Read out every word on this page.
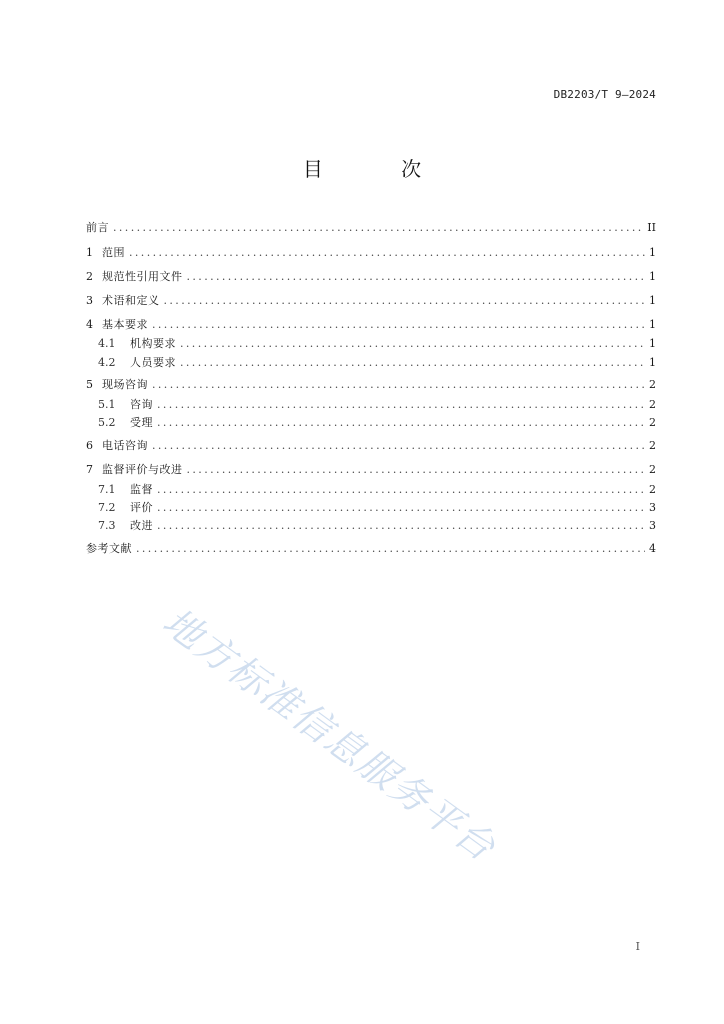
DB2203/T 9—2024
目 次
前言 .....	II
1 范围 .....	1
2 规范性引用文件 .....	1
3 术语和定义 .....	1
4 基本要求 .....	1
4.1	机构要求 .....	1
4.2	人员要求 .....	1
5 现场咨询 .....	2
5.1	咨询 .....	2
5.2	受理 .....	2
6 电话咨询 .....	2
7 监督评价与改进 .....	2
7.1	监督 .....	2
7.2	评价 .....	3
7.3	改进 .....	3
参考文献 .....	4
地方标准信息服务平台
I
